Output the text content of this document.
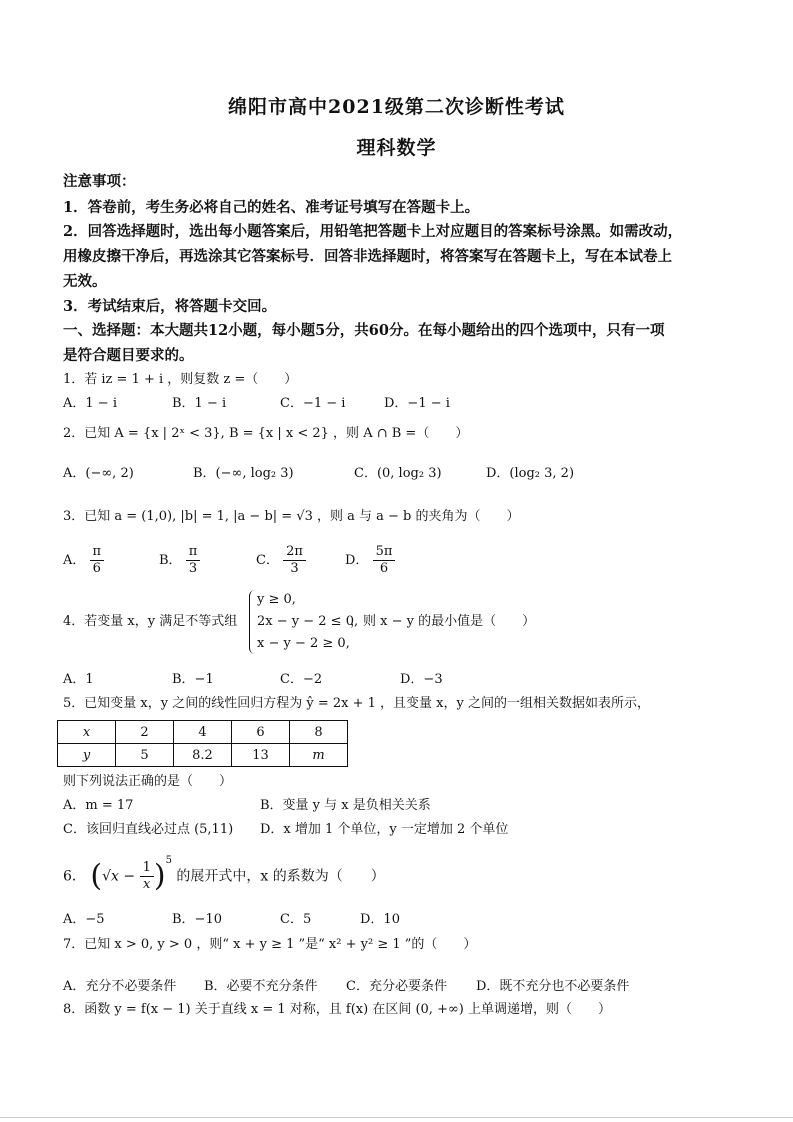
绵阳市高中2021级第二次诊断性考试
理科数学
注意事项：
1．答卷前，考生务必将自己的姓名、准考证号填写在答题卡上。
2．回答选择题时，选出每小题答案后，用铅笔把答题卡上对应题目的答案标号涂黑。如需改动，
用橡皮擦干净后，再选涂其它答案标号．回答非选择题时，将答案写在答题卡上，写在本试卷上
无效。
3．考试结束后，将答题卡交回。
一、选择题：本大题共12小题，每小题5分，共60分。在每小题给出的四个选项中，只有一项
是符合题目要求的。
1．若 iz = 1 + i ，则复数 z =（　　）
A．1 − i	B．1 − i	C．−1 − i	D．−1 − i
2．已知 A = {x | 2ˣ < 3}, B = {x | x < 2} ，则 A ∩ B =（　　）
A．(−∞, 2)	B．(−∞, log₂ 3)	C．(0, log₂ 3)	D．(log₂ 3, 2)
3．已知 a = (1,0), |b| = 1, |a − b| = √3 ，则 a 与 a − b 的夹角为（　　）
A． $\frac{\pi}{6}$	B． $\frac{\pi}{3}$	C． $\frac{2\pi}{3}$	D． $\frac{5\pi}{6}$
4．若变量 x，y 满足不等式组
y ≥ 0,
2x − y − 2 ≤ 0,
x − y − 2 ≥ 0,
，则 x − y 的最小值是（　　）
A．1	B．−1	C．−2	D．−3
5．已知变量 x，y 之间的线性回归方程为 ŷ = 2x + 1 ，且变量 x，y 之间的一组相关数据如表所示，
x	2	4	6	8
y	5	8.2	13	m
则下列说法正确的是（　　）
A．m = 17	B．变量 y 与 x 是负相关关系
C．该回归直线必过点 (5,11) D．x 增加 1 个单位，y 一定增加 2 个单位
6． $(√x - \frac{1}{x} )^5$ 的展开式中，x 的系数为（　　）
A．−5	B．−10	C．5	D．10
7．已知 x > 0, y > 0 ，则“ x + y ≥ 1 ”是“ x² + y² ≥ 1 ”的（　　）
A．充分不必要条件 B．必要不充分条件 C．充分必要条件 D．既不充分也不必要条件
8．函数 y = f(x − 1) 关于直线 x = 1 对称，且 f(x) 在区间 (0, +∞) 上单调递增，则（　　）
